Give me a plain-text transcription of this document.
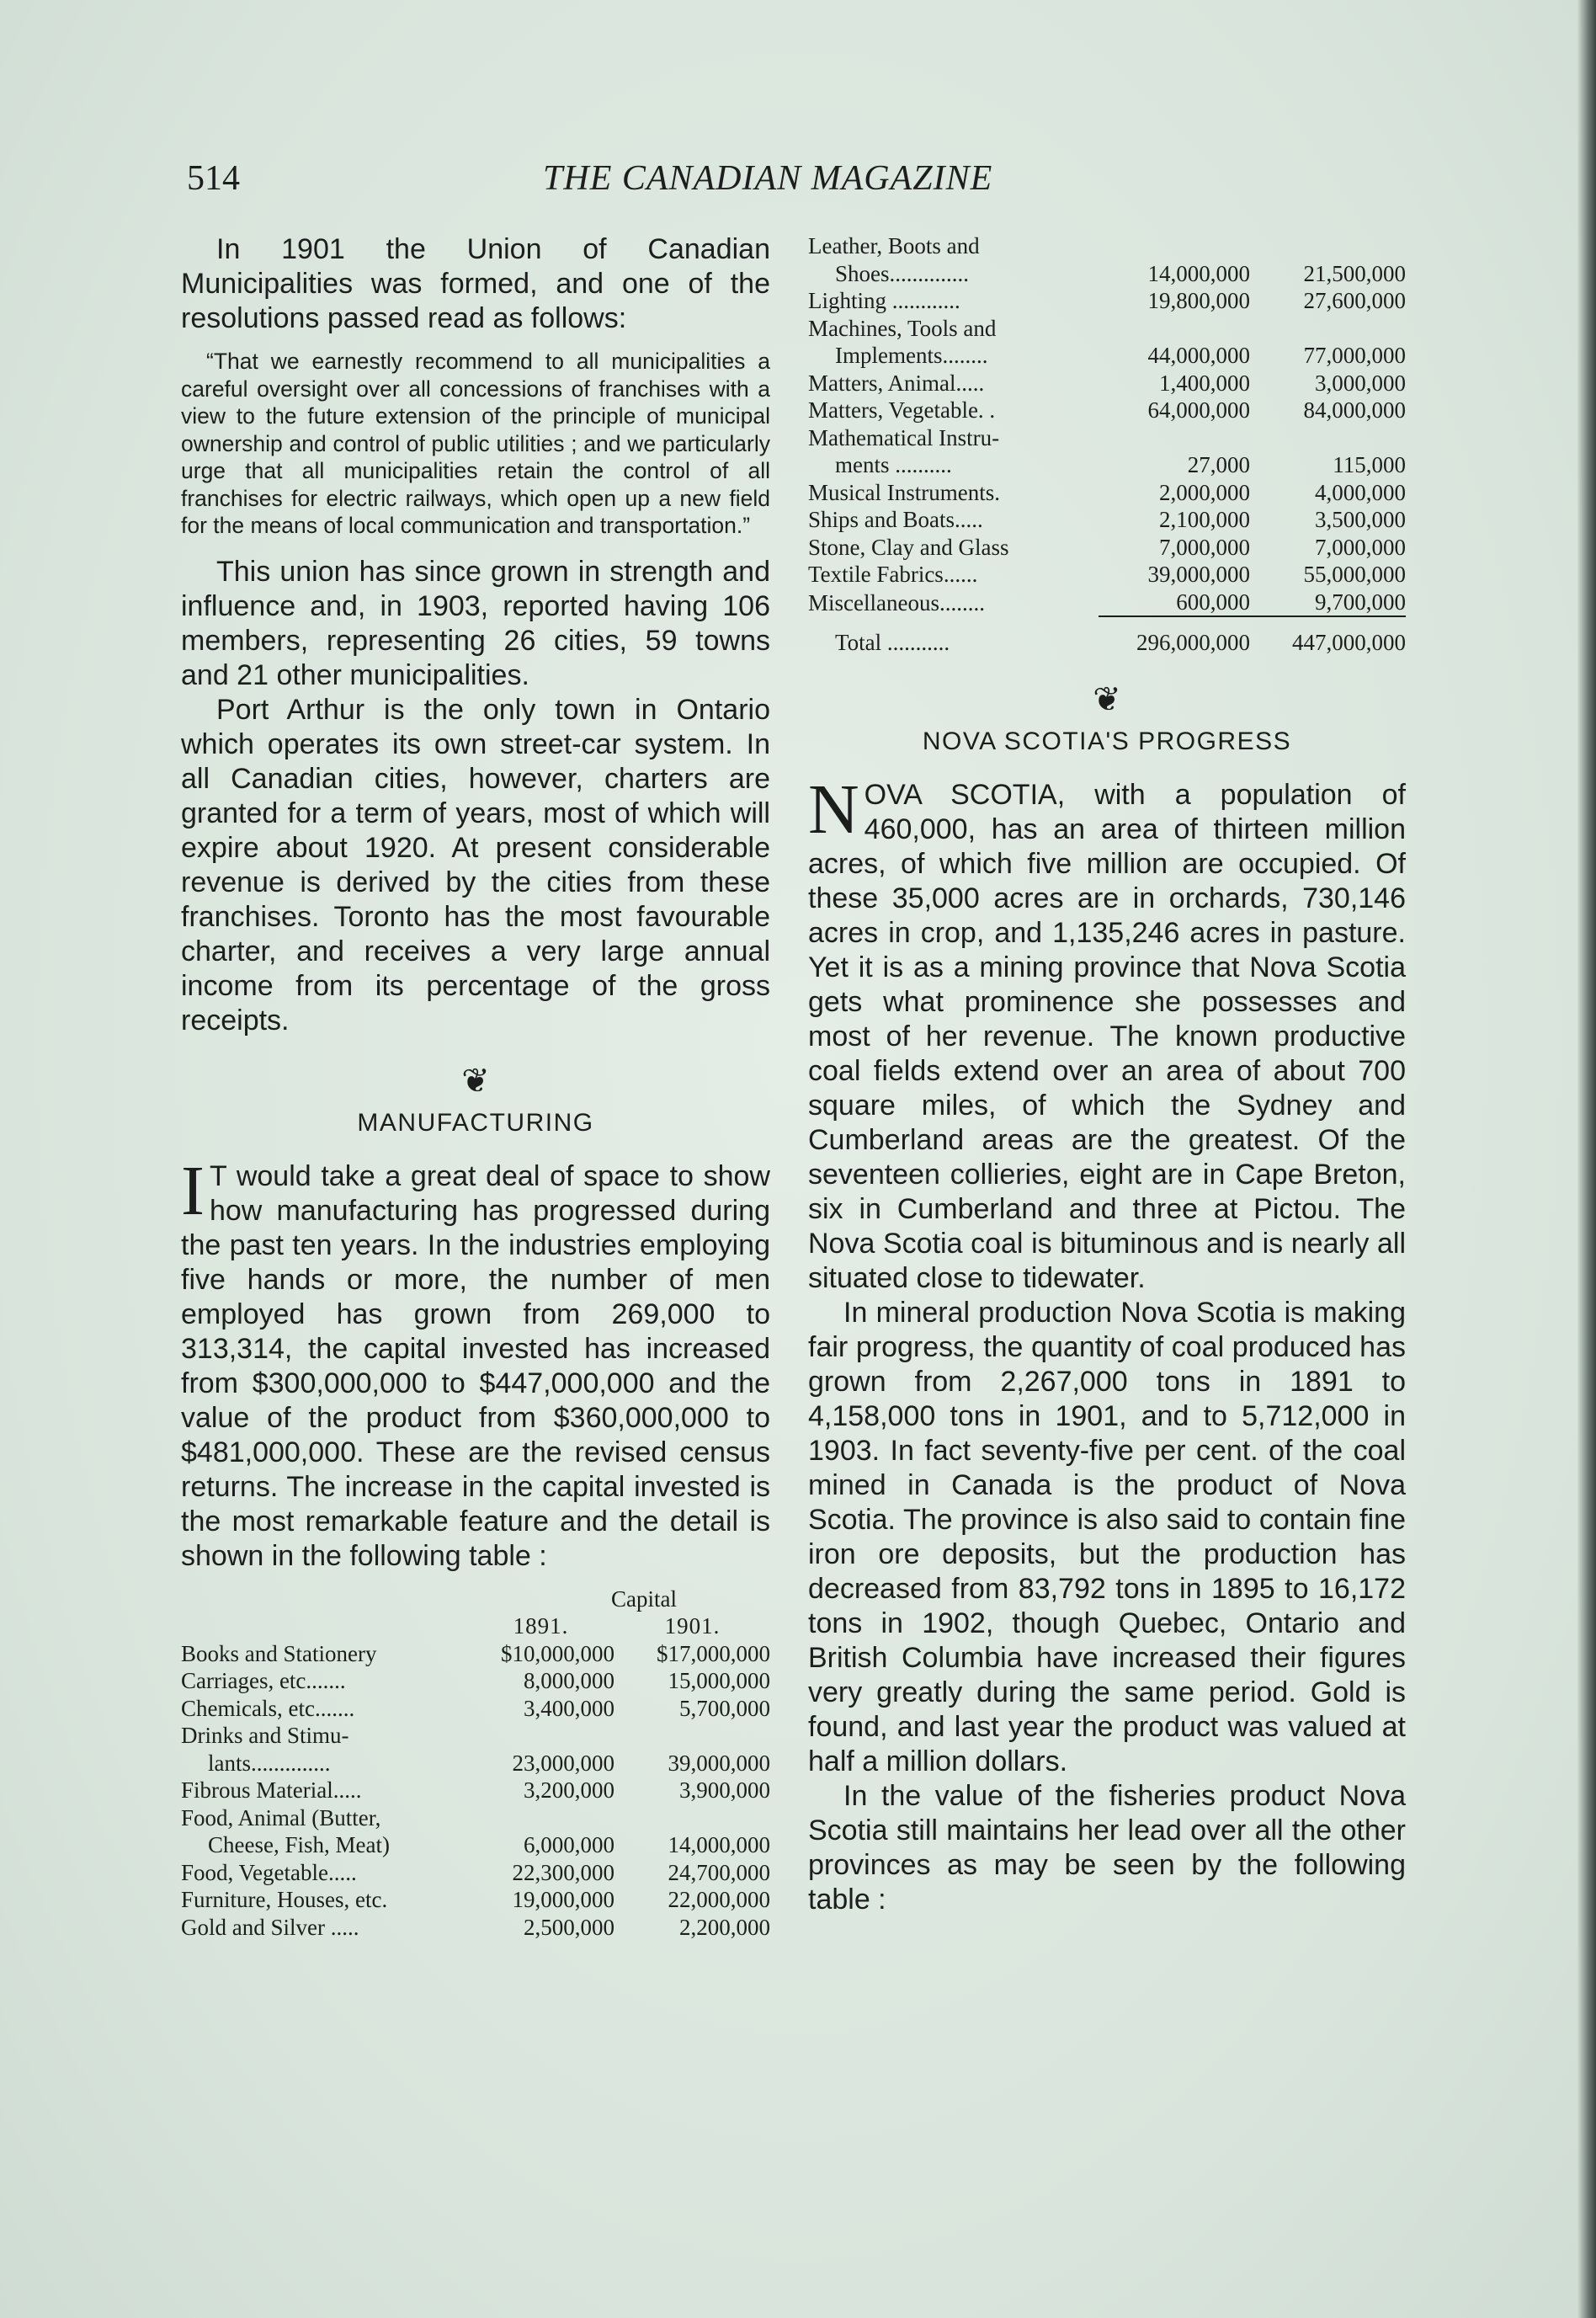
514	THE CANADIAN MAGAZINE

In 1901 the Union of Canadian Municipalities was formed, and one of the resolutions passed read as follows:

“That we earnestly recommend to all municipalities a careful oversight over all concessions of franchises with a view to the future extension of the principle of municipal ownership and control of public utilities ; and we particularly urge that all municipalities retain the control of all franchises for electric railways, which open up a new field for the means of local communication and transportation.”

This union has since grown in strength and influence and, in 1903, reported having 106 members, representing 26 cities, 59 towns and 21 other municipalities.

Port Arthur is the only town in Ontario which operates its own street-car system. In all Canadian cities, however, charters are granted for a term of years, most of which will expire about 1920. At present considerable revenue is derived by the cities from these franchises. Toronto has the most favourable charter, and receives a very large annual income from its percentage of the gross receipts.

❦
MANUFACTURING

I T would take a great deal of space to show how manufacturing has progressed during the past ten years. In the industries employing five hands or more, the number of men employed has grown from 269,000 to 313,314, the capital invested has increased from $300,000,000 to $447,000,000 and the value of the product from $360,000,000 to $481,000,000. These are the revised census returns. The increase in the capital invested is the most remarkable feature and the detail is shown in the following table :

	Capital	
	1891.	1901.
Books and Stationery	$10,000,000	$17,000,000
Carriages, etc.......	8,000,000	15,000,000
Chemicals, etc.......	3,400,000	5,700,000
Drinks and Stimu-		
lants..............	23,000,000	39,000,000
Fibrous Material.....	3,200,000	3,900,000
Food, Animal (Butter,		
Cheese, Fish, Meat)	6,000,000	14,000,000
Food, Vegetable.....	22,300,000	24,700,000
Furniture, Houses, etc.	19,000,000	22,000,000
Gold and Silver .....	2,500,000	2,200,000
Leather, Boots and		
Shoes..............	14,000,000	21,500,000
Lighting ............	19,800,000	27,600,000
Machines, Tools and		
Implements........	44,000,000	77,000,000
Matters, Animal.....	1,400,000	3,000,000
Matters, Vegetable. .	64,000,000	84,000,000
Mathematical Instru-		
ments ..........	27,000	115,000
Musical Instruments.	2,000,000	4,000,000
Ships and Boats.....	2,100,000	3,500,000
Stone, Clay and Glass	7,000,000	7,000,000
Textile Fabrics......	39,000,000	55,000,000
Miscellaneous........	600,000	9,700,000

Total ...........	296,000,000	447,000,000
❦
NOVA SCOTIA'S PROGRESS

NOVA SCOTIA, with a population of 460,000, has an area of thirteen million acres, of which five million are occupied. Of these 35,000 acres are in orchards, 730,146 acres in crop, and 1,135,246 acres in pasture. Yet it is as a mining province that Nova Scotia gets what prominence she possesses and most of her revenue. The known productive coal fields extend over an area of about 700 square miles, of which the Sydney and Cumberland areas are the greatest. Of the seventeen collieries, eight are in Cape Breton, six in Cumberland and three at Pictou. The Nova Scotia coal is bituminous and is nearly all situated close to tidewater.

In mineral production Nova Scotia is making fair progress, the quantity of coal produced has grown from 2,267,000 tons in 1891 to 4,158,000 tons in 1901, and to 5,712,000 in 1903. In fact seventy-five per cent. of the coal mined in Canada is the product of Nova Scotia. The province is also said to contain fine iron ore deposits, but the production has decreased from 83,792 tons in 1895 to 16,172 tons in 1902, though Quebec, Ontario and British Columbia have increased their figures very greatly during the same period. Gold is found, and last year the product was valued at half a million dollars.

In the value of the fisheries product Nova Scotia still maintains her lead over all the other provinces as may be seen by the following table :
